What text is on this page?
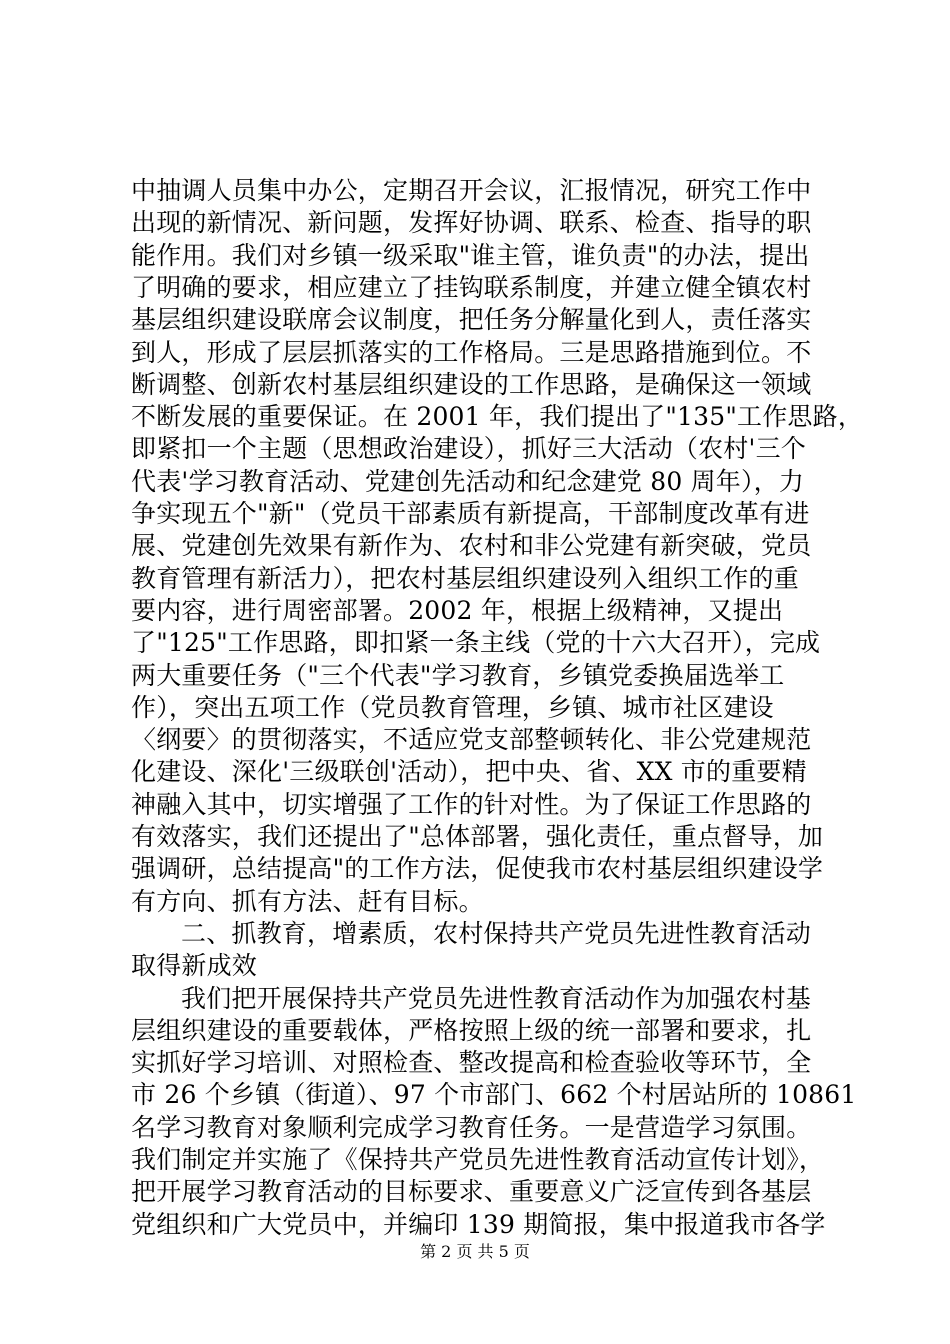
中抽调人员集中办公，定期召开会议，汇报情况，研究工作中
出现的新情况、新问题，发挥好协调、联系、检查、指导的职
能作用。我们对乡镇一级采取"谁主管，谁负责"的办法，提出
了明确的要求，相应建立了挂钩联系制度，并建立健全镇农村
基层组织建设联席会议制度，把任务分解量化到人，责任落实
到人，形成了层层抓落实的工作格局。三是思路措施到位。不
断调整、创新农村基层组织建设的工作思路，是确保这一领域
不断发展的重要保证。在 2001 年，我们提出了"135"工作思路，
即紧扣一个主题（思想政治建设），抓好三大活动（农村'三个
代表'学习教育活动、党建创先活动和纪念建党 80 周年），力
争实现五个"新"（党员干部素质有新提高，干部制度改革有进
展、党建创先效果有新作为、农村和非公党建有新突破，党员
教育管理有新活力），把农村基层组织建设列入组织工作的重
要内容，进行周密部署。2002 年，根据上级精神，又提出
了"125"工作思路，即扣紧一条主线（党的十六大召开），完成
两大重要任务（"三个代表"学习教育，乡镇党委换届选举工
作），突出五项工作（党员教育管理，乡镇、城市社区建设
〈纲要〉的贯彻落实，不适应党支部整顿转化、非公党建规范
化建设、深化'三级联创'活动），把中央、省、XX 市的重要精
神融入其中，切实增强了工作的针对性。为了保证工作思路的
有效落实，我们还提出了"总体部署，强化责任，重点督导，加
强调研，总结提高"的工作方法，促使我市农村基层组织建设学
有方向、抓有方法、赶有目标。
二、抓教育，增素质，农村保持共产党员先进性教育活动
取得新成效
我们把开展保持共产党员先进性教育活动作为加强农村基
层组织建设的重要载体，严格按照上级的统一部署和要求，扎
实抓好学习培训、对照检查、整改提高和检查验收等环节，全
市 26 个乡镇（街道）、97 个市部门、662 个村居站所的 10861
名学习教育对象顺利完成学习教育任务。一是营造学习氛围。
我们制定并实施了《保持共产党员先进性教育活动宣传计划》，
把开展学习教育活动的目标要求、重要意义广泛宣传到各基层
党组织和广大党员中，并编印 139 期简报，集中报道我市各学
第 2 页 共 5 页
